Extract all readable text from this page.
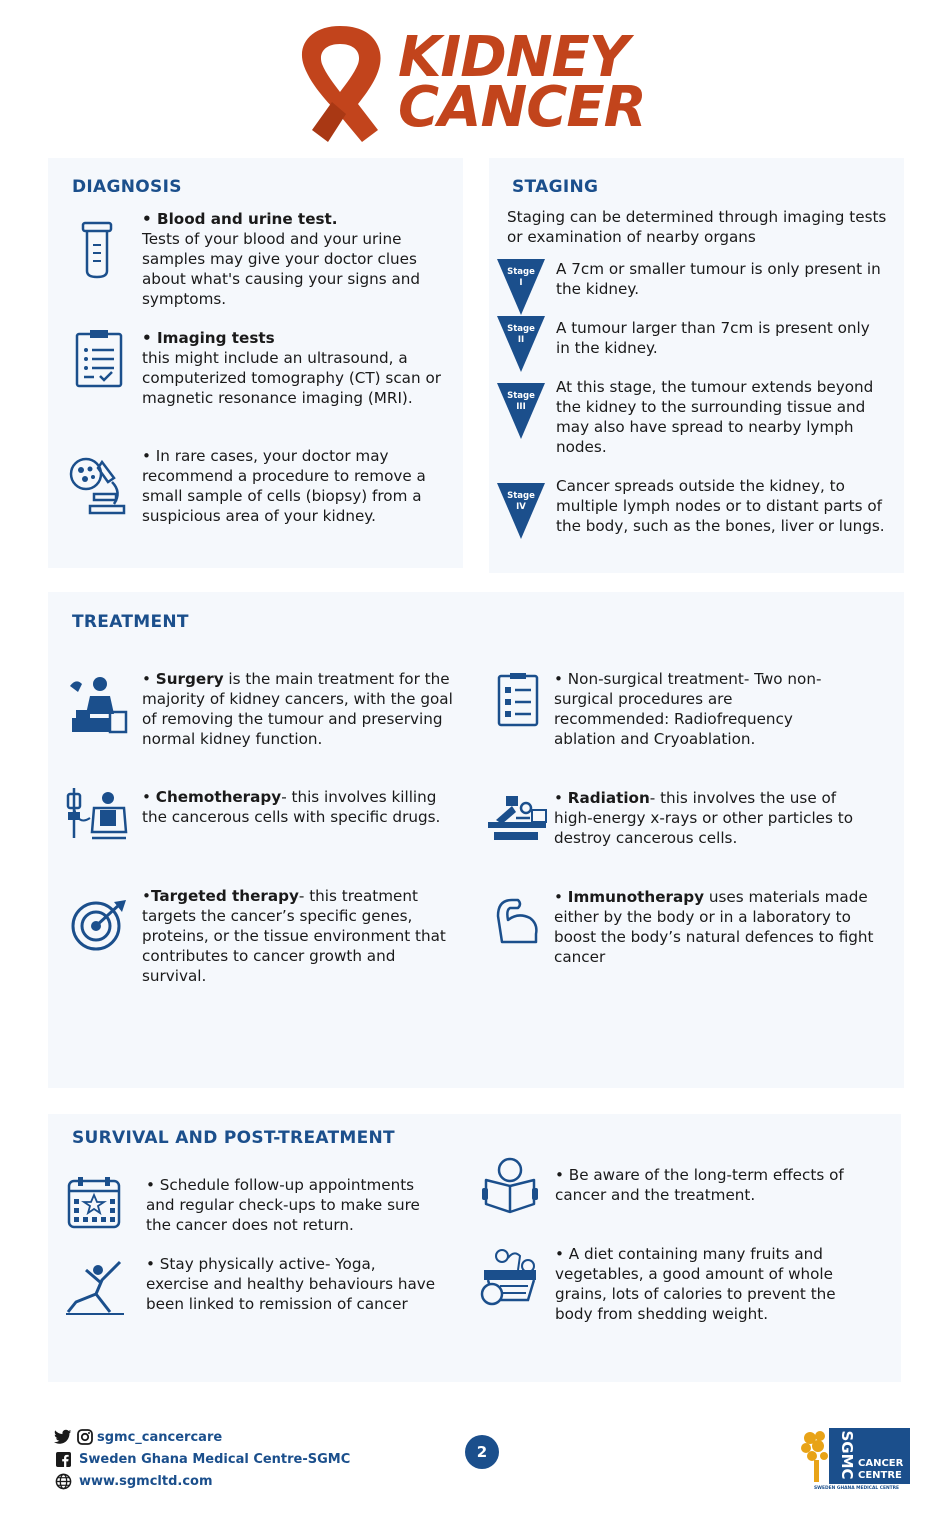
KIDNEY
CANCER
DIAGNOSIS
• Blood and urine test.
Tests of your blood and your urine samples may give your doctor clues about what's causing your signs and symptoms.
• Imaging tests
this might include an ultrasound, a computerized tomography (CT) scan or magnetic resonance imaging (MRI).
• In rare cases, your doctor may recommend a procedure to remove a small sample of cells (biopsy) from a suspicious area of your kidney.
STAGING
Staging can be determined through imaging tests or examination of nearby organs
Stage
I
A 7cm or smaller tumour is only present in the kidney.
Stage
II
A tumour larger than 7cm is present only in the kidney.
Stage
III
At this stage, the tumour extends beyond the kidney to the surrounding tissue and may also have spread to nearby lymph nodes.
Stage
IV
Cancer spreads outside the kidney, to multiple lymph nodes or to distant parts of the body, such as the bones, liver or lungs.
TREATMENT
• Surgery is the main treatment for the majority of kidney cancers, with the goal of removing the tumour and preserving normal kidney function.
• Chemotherapy- this involves killing the cancerous cells with specific drugs.
•Targeted therapy- this treatment targets the cancer’s specific genes, proteins, or the tissue environment that
contributes to cancer growth and survival.
• Non-surgical treatment- Two non-surgical procedures are recommended: Radiofrequency ablation and Cryoablation.
• Radiation- this involves the use of high-energy x-rays or other particles to destroy cancerous cells.
• Immunotherapy uses materials made either by the body or in a laboratory to boost the body’s natural defences to fight cancer
SURVIVAL AND POST-TREATMENT
• Schedule follow-up appointments and regular check-ups to make sure the cancer does not return.
• Stay physically active- Yoga, exercise and healthy behaviours have been linked to remission of cancer
• Be aware of the long-term effects of cancer and the treatment.
• A diet containing many fruits and vegetables, a good amount of whole grains, lots of calories to prevent the body from shedding weight.
sgmc_cancercare
Sweden Ghana Medical Centre-SGMC
www.sgmcltd.com
2	SGMC CANCER
CENTRE
SWEDEN GHANA MEDICAL CENTRE
